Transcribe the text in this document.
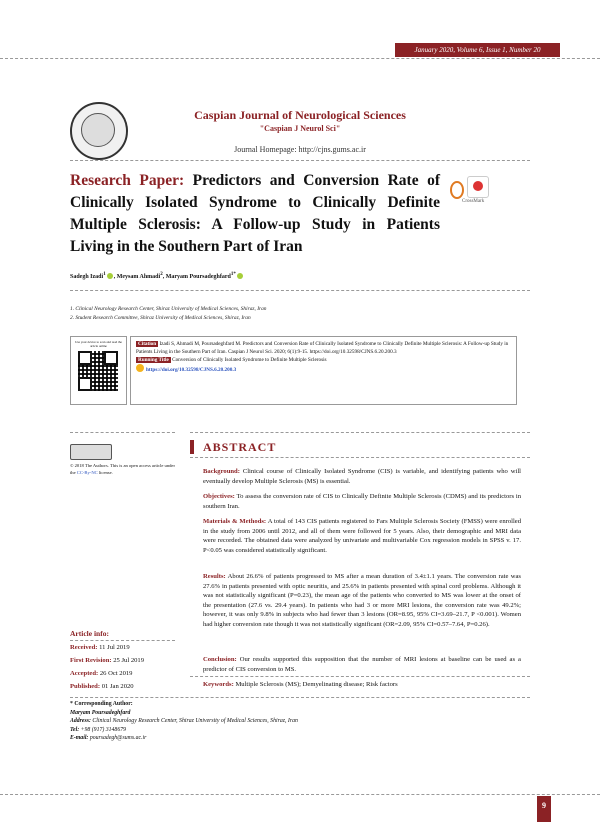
January 2020, Volume 6, Issue 1, Number 20
Caspian Journal of Neurological Sciences
"Caspian J Neurol Sci"
Journal Homepage: http://cjns.gums.ac.ir
Research Paper: Predictors and Conversion Rate of Clinically Isolated Syndrome to Clinically Definite Multiple Sclerosis: A Follow-up Study in Patients Living in the Southern Part of Iran
CrossMark
Sadegh Izadi$^1$ , Meysam Ahmadi$^2$, Maryam Poursadeghfard$^{1*}$
1. Clinical Neurology Research Center, Shiraz University of Medical Sciences, Shiraz, Iran
2. Student Research Committee, Shiraz University of Medical Sciences, Shiraz, Iran
Use your device to scan and read the article online	Citation Izadi S, Ahmadi M, Poursadeghfard M. Predictors and Conversion Rate of Clinically Isolated Syndrome to Clinically Definite Multiple Sclerosis: A Follow-up Study in Patients Living in the Southern Part of Iran. Caspian J Neurol Sci. 2020; 6(1):9-15. https://doi.org/10.32598/CJNS.6.20.200.3
Running Title Conversion of Clinically Isolated Syndrome to Definite Multiple Sclerosis
https://doi.org/10.32598/CJNS.6.20.200.3
© 2018 The Authors. This is an open access article under the CC-By-NC license.
Article info:
Received: 11 Jul 2019
First Revision: 25 Jul 2019
Accepted: 26 Oct 2019
Published: 01 Jan 2020
ABSTRACT
Background: Clinical course of Clinically Isolated Syndrome (CIS) is variable, and identifying patients who will eventually develop Multiple Sclerosis (MS) is essential.
Objectives: To assess the conversion rate of CIS to Clinically Definite Multiple Sclerosis (CDMS) and its predictors in southern Iran.
Materials & Methods: A total of 143 CIS patients registered to Fars Multiple Sclerosis Society (FMSS) were enrolled in the study from 2006 until 2012, and all of them were followed for 5 years. Also, their demographic and MRI data were recorded. The obtained data were analyzed by univariate and multivariable Cox regression models in SPSS v. 17. P<0.05 was considered statistically significant.
Results: About 26.6% of patients progressed to MS after a mean duration of 3.4±1.1 years. The conversion rate was 27.6% in patients presented with optic neuritis, and 25.6% in patients presented with spinal cord problems. Although it was not statistically significant (P=0.23), the mean age of the patients who converted to MS was lower at the onset of the presentation (27.6 vs. 29.4 years). In patients who had 3 or more MRI lesions, the conversion rate was 49.2%; however, it was only 9.8% in subjects who had fewer than 3 lesions (OR=8.95, 95% CI=3.69–21.7, P <0.001). Women had higher conversion rate though it was not statistically significant (OR=2.09, 95% CI=0.57–7.64, P=0.26).
Conclusion: Our results supported this supposition that the number of MRI lesions at baseline can be used as a predictor of CIS conversion to MS.
Keywords: Multiple Sclerosis (MS); Demyelinating disease; Risk factors
* Corresponding Author:
Maryam Poursadeghfard
Address: Clinical Neurology Research Center, Shiraz University of Medical Sciences, Shiraz, Iran
Tel: +98 (917) 3148679
E-mail: poursadegh@sums.ac.ir
9
